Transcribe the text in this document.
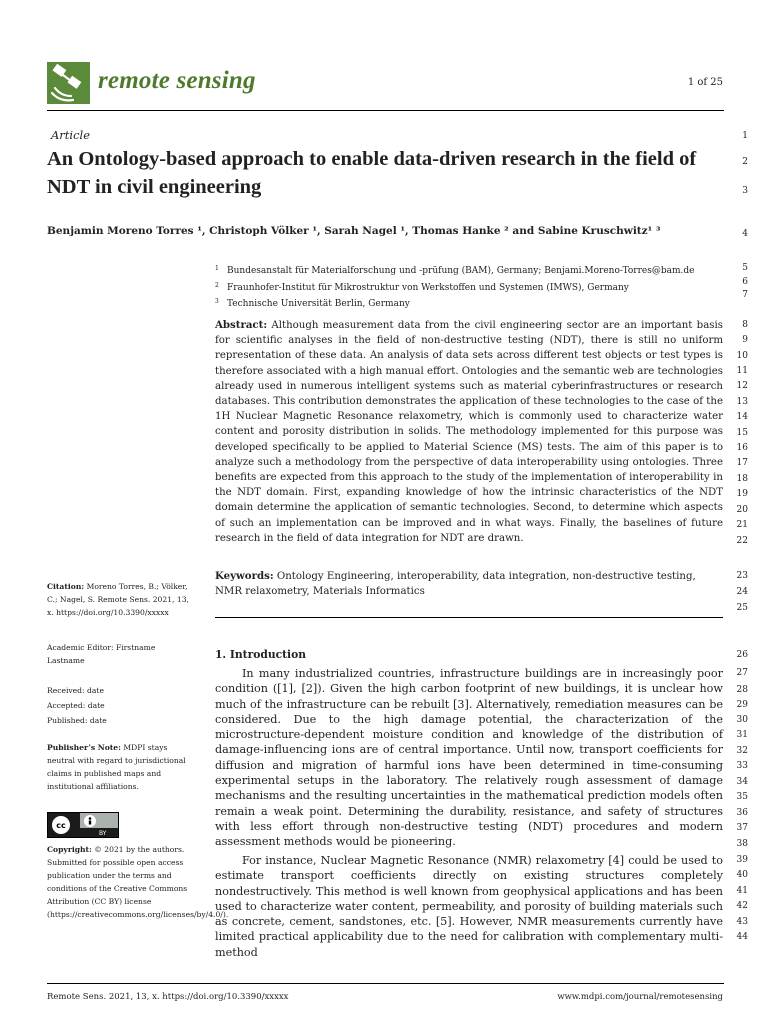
remote sensing	1 of 25
Article
An Ontology-based approach to enable data-driven research in the field of NDT in civil engineering
Benjamin Moreno Torres ¹, Christoph Völker ¹, Sarah Nagel ¹, Thomas Hanke ² and Sabine Kruschwitz¹ ³
$^1$ Bundesanstalt für Materialforschung und -prüfung (BAM), Germany; Benjami.Moreno-Torres@bam.de
$^2$ Fraunhofer-Institut für Mikrostruktur von Werkstoffen und Systemen (IMWS), Germany
$^3$ Technische Universität Berlin, Germany
Abstract: Although measurement data from the civil engineering sector are an important basis for scientific analyses in the field of non-destructive testing (NDT), there is still no uniform representation of these data. An analysis of data sets across different test objects or test types is therefore associated with a high manual effort. Ontologies and the semantic web are technologies already used in numerous intelligent systems such as material cyberinfrastructures or research databases. This contribution demonstrates the application of these technologies to the case of the 1H Nuclear Magnetic Resonance relaxometry, which is commonly used to characterize water content and porosity distribution in solids. The methodology implemented for this purpose was developed specifically to be applied to Material Science (MS) tests. The aim of this paper is to analyze such a methodology from the perspective of data interoperability using ontologies. Three benefits are expected from this approach to the study of the implementation of interoperability in the NDT domain. First, expanding knowledge of how the intrinsic characteristics of the NDT domain determine the application of semantic technologies. Second, to determine which aspects of such an implementation can be improved and in what ways. Finally, the baselines of future research in the field of data integration for NDT are drawn.
Keywords: Ontology Engineering, interoperability, data integration, non-destructive testing, NMR relaxometry, Materials Informatics
1. Introduction
In many industrialized countries, infrastructure buildings are in increasingly poor condition ([1], [2]). Given the high carbon footprint of new buildings, it is unclear how much of the infrastructure can be rebuilt [3]. Alternatively, remediation measures can be considered. Due to the high damage potential, the characterization of the microstructure-dependent moisture condition and knowledge of the distribution of damage-influencing ions are of central importance. Until now, transport coefficients for diffusion and migration of harmful ions have been determined in time-consuming experimental setups in the laboratory. The relatively rough assessment of damage mechanisms and the resulting uncertainties in the mathematical prediction models often remain a weak point. Determining the durability, resistance, and safety of structures with less effort through non-destructive testing (NDT) procedures and modern assessment methods would be pioneering.
For instance, Nuclear Magnetic Resonance (NMR) relaxometry [4] could be used to estimate transport coefficients directly on existing structures completely nondestructively. This method is well known from geophysical applications and has been used to characterize water content, permeability, and porosity of building materials such as concrete, cement, sandstones, etc. [5]. However, NMR measurements currently have limited practical applicability due to the need for calibration with complementary multi-method
Citation: Moreno Torres, B.; Völker, C.; Nagel, S. Remote Sens. 2021, 13, x. https://doi.org/10.3390/xxxxx
Academic Editor: Firstname Lastname
Received: date
Accepted: date
Published: date
Publisher’s Note: MDPI stays neutral with regard to jurisdictional claims in published maps and institutional affiliations.
cc
BY
Copyright: © 2021 by the authors. Submitted for possible open access publication under the terms and conditions of the Creative Commons Attribution (CC BY) license (https://creativecommons.org/licenses/by/4.0/).
1
2
3
4
5
6
7
8
9
10
11
12
13
14
15
16
17
18
19
20
21
22
23
24
25
26
27
28
29
30
31
32
33
34
35
36
37
38
39
40
41
42
43
44
Remote Sens. 2021, 13, x. https://doi.org/10.3390/xxxxx	www.mdpi.com/journal/remotesensing
